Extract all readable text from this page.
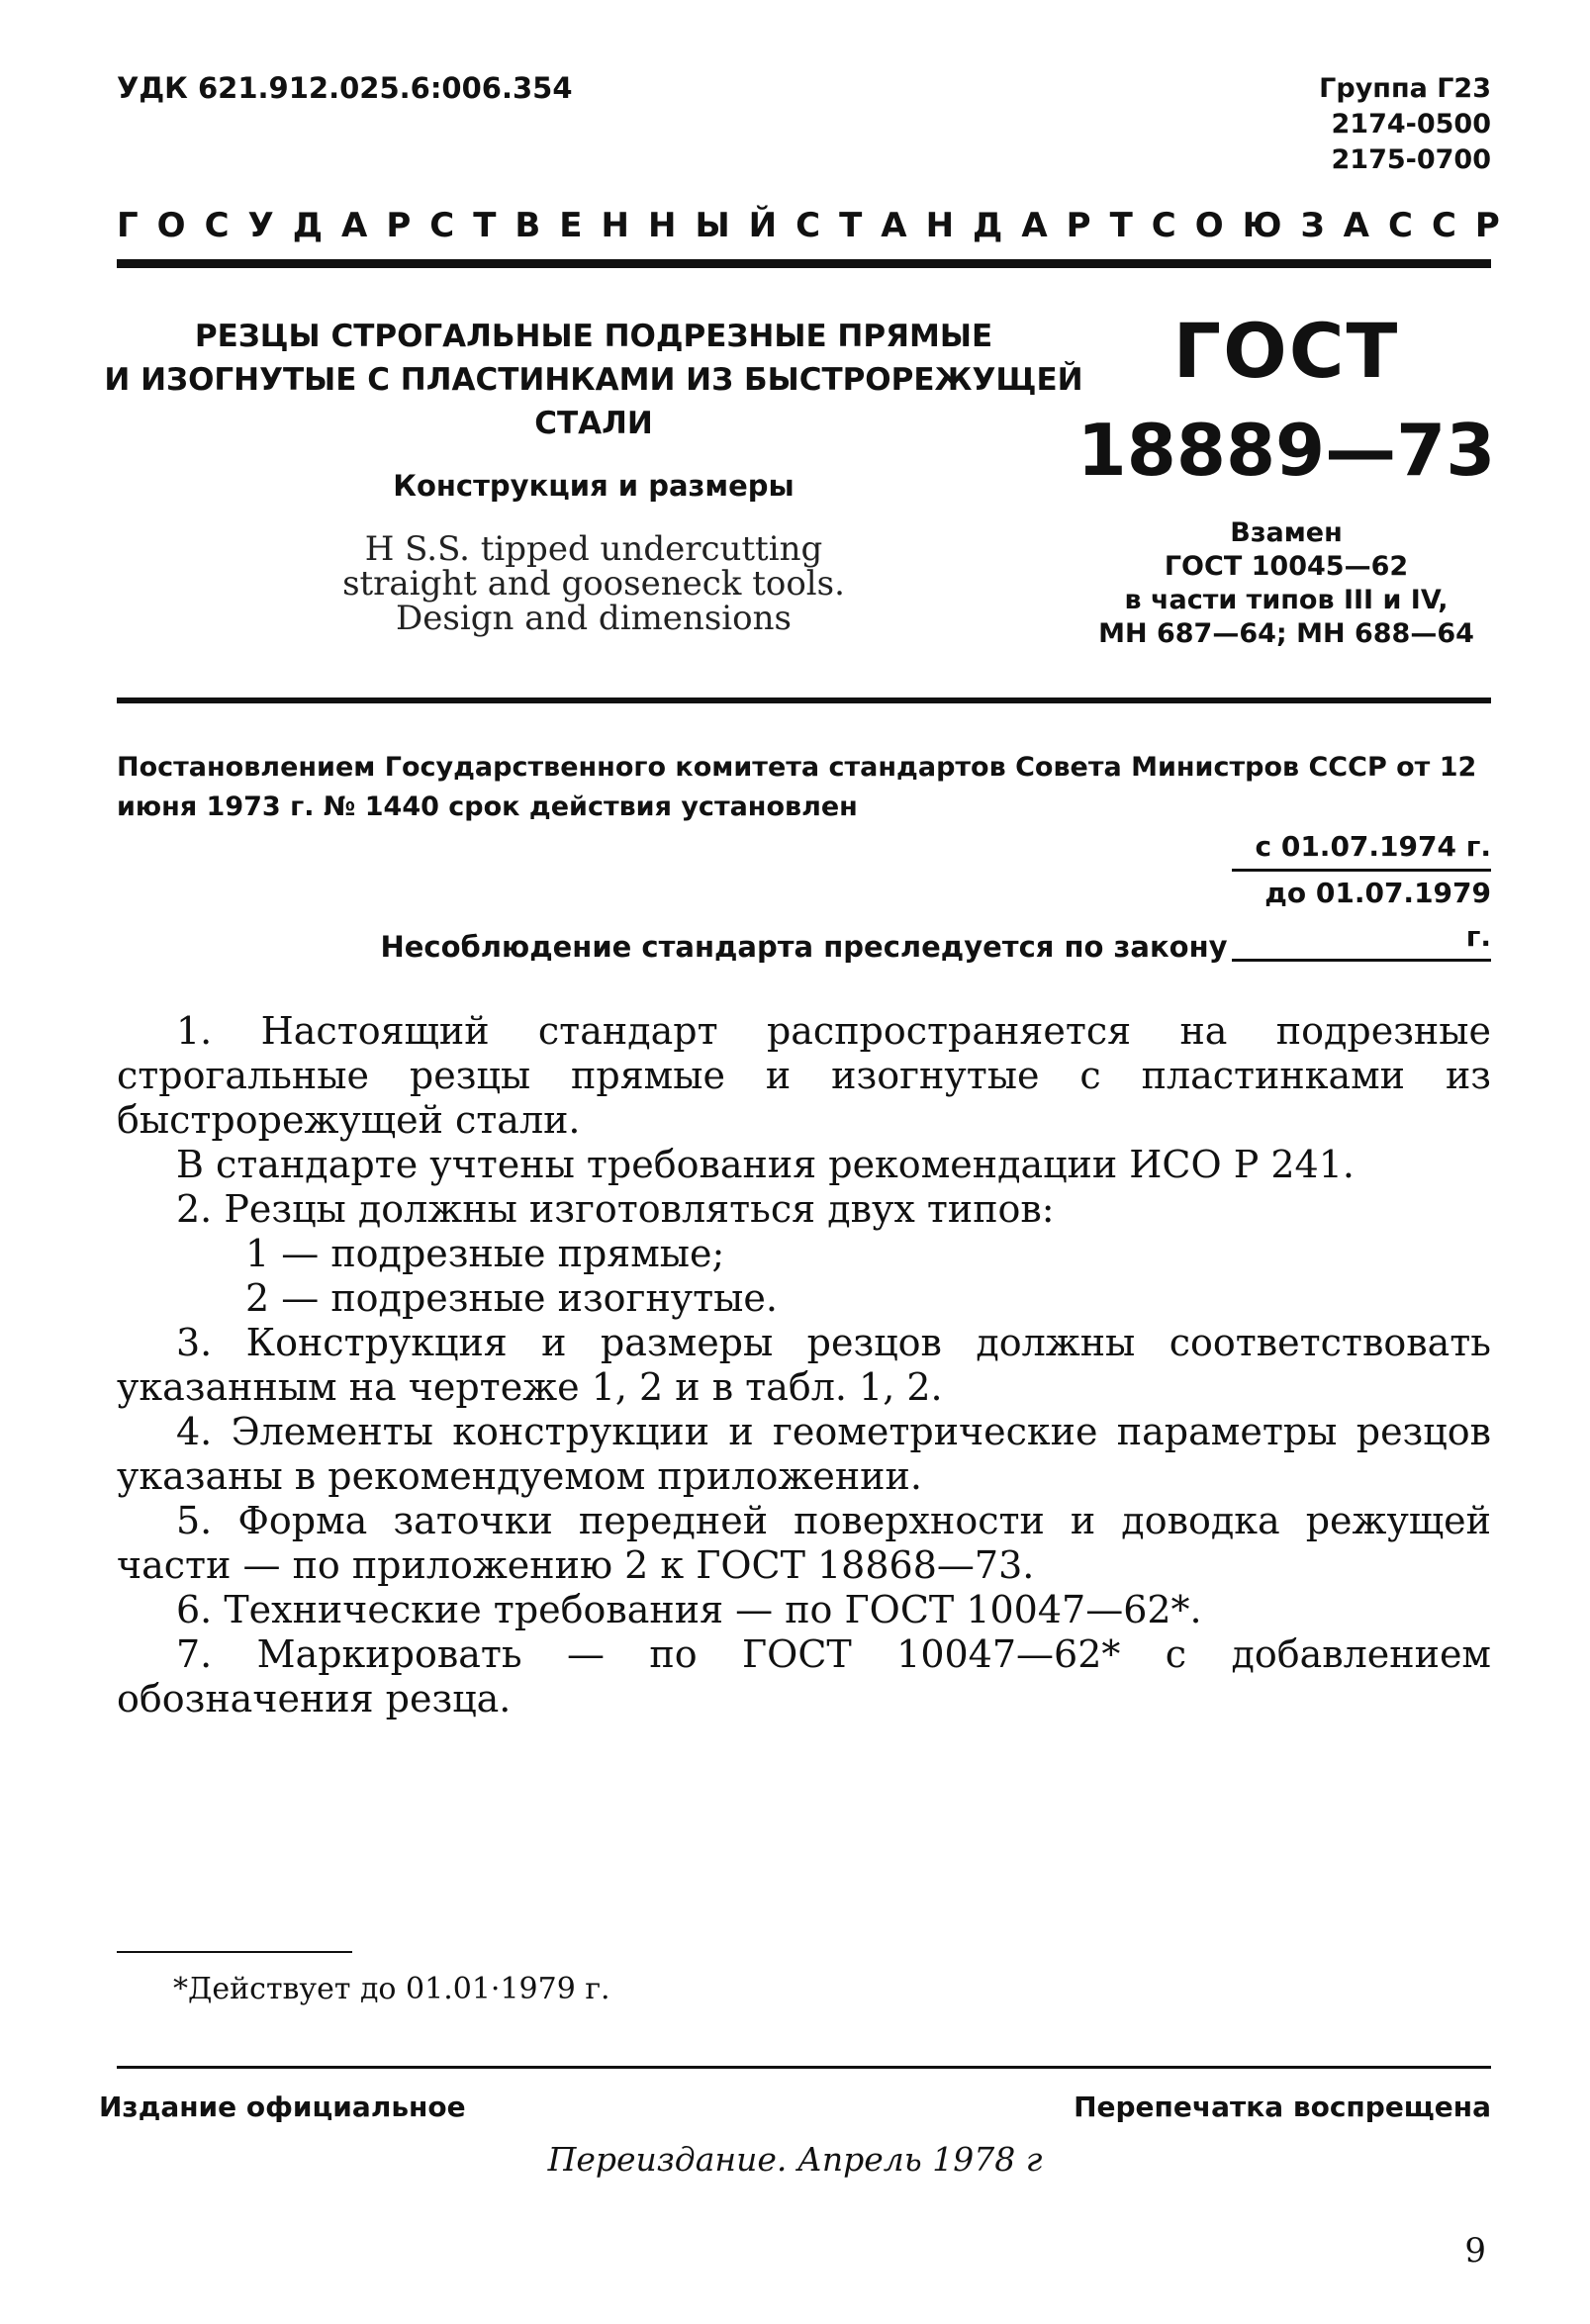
УДК 621.912.025.6:006.354	Группа Г23
2174-0500
2175-0700
ГОСУДАРСТВЕННЫЙ СТАНДАРТ СОЮЗА ССР
РЕЗЦЫ СТРОГАЛЬНЫЕ ПОДРЕЗНЫЕ ПРЯМЫЕ
И ИЗОГНУТЫЕ С ПЛАСТИНКАМИ ИЗ БЫСТРОРЕЖУЩЕЙ
СТАЛИ
Конструкция и размеры
H S.S. tipped undercutting
straight and gooseneck tools.
Design and dimensions
ГОСТ
18889—73
Взамен
ГОСТ 10045—62
в части типов III и IV,
МН 687—64; МН 688—64
Постановлением Государственного комитета стандартов Совета Министров СССР от 12 июня 1973 г. № 1440 срок действия установлен
с 01.07.1974 г.
до 01.07.1979 г.
Несоблюдение стандарта преследуется по закону

1. Настоящий стандарт распространяется на подрезные строгальные резцы прямые и изогнутые с пластинками из быстрорежущей стали.

В стандарте учтены требования рекомендации ИСО Р 241.

2. Резцы должны изготовляться двух типов:

1 — подрезные прямые;

2 — подрезные изогнутые.

3. Конструкция и размеры резцов должны соответствовать указанным на чертеже 1, 2 и в табл. 1, 2.

4. Элементы конструкции и геометрические параметры резцов указаны в рекомендуемом приложении.

5. Форма заточки передней поверхности и доводка режущей части — по приложению 2 к ГОСТ 18868—73.

6. Технические требования — по ГОСТ 10047—62*.

7. Маркировать — по ГОСТ 10047—62* с добавлением обозначения резца.

*Действует до 01.01·1979 г.
Издание официальное	Перепечатка воспрещена
Переиздание. Апрель 1978 г
9
